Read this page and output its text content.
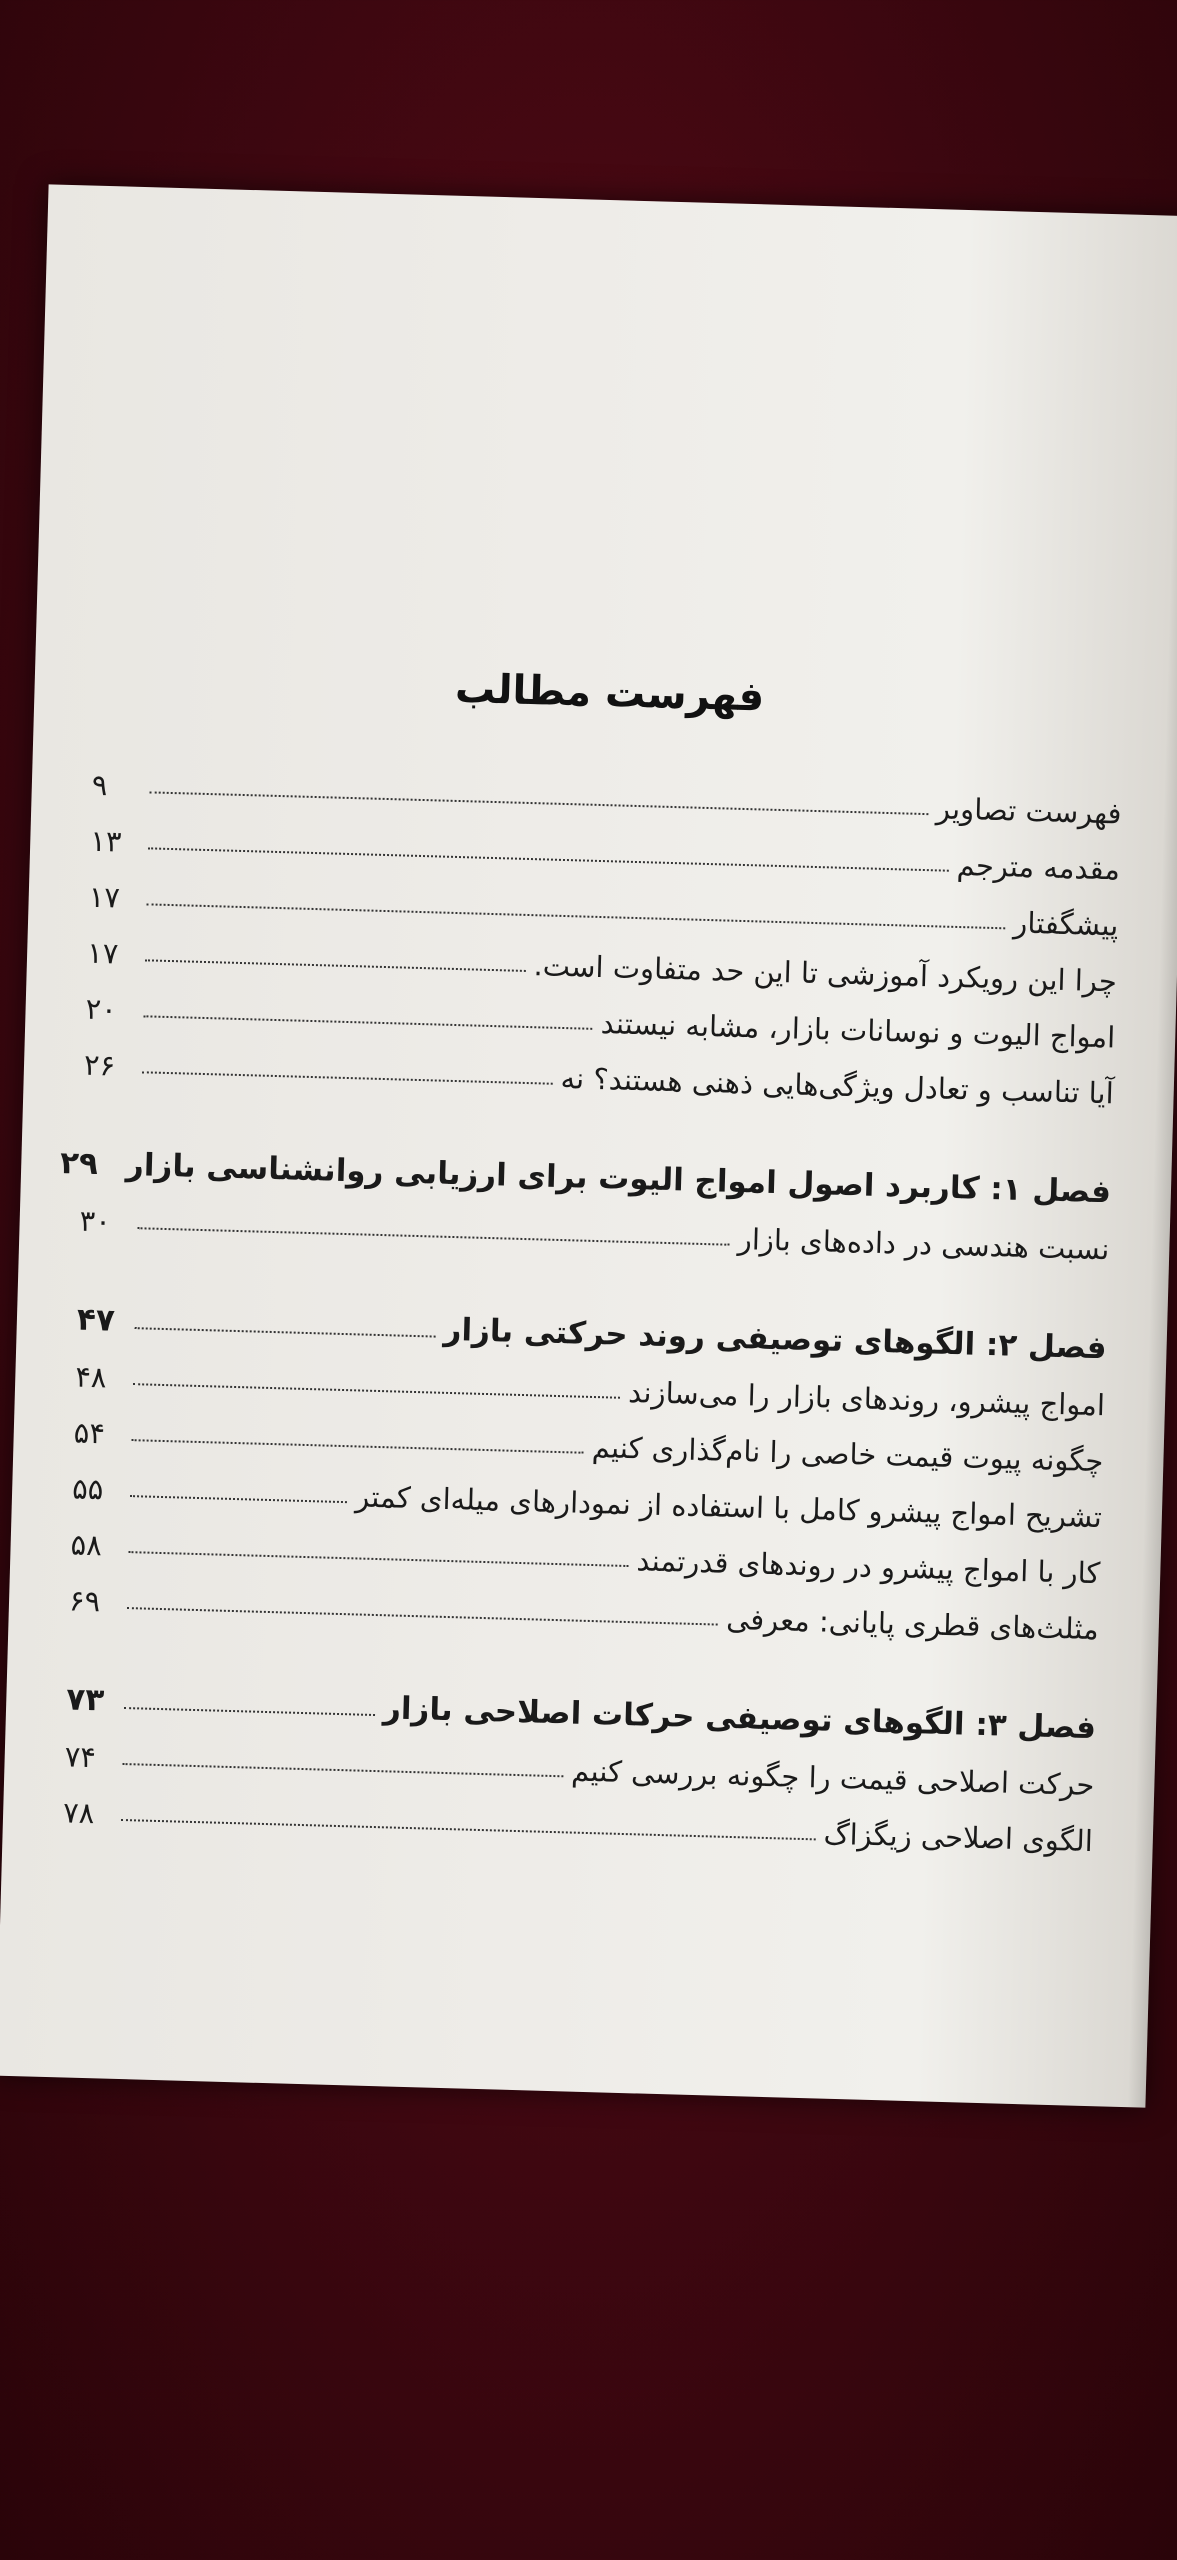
فهرست مطالب
فهرست تصاویر
۹
مقدمه مترجم
۱۳
پیشگفتار
۱۷
چرا این رویکرد آموزشی تا این حد متفاوت است.
۱۷
امواج الیوت و نوسانات بازار، مشابه نیستند
۲۰
آیا تناسب و تعادل ویژگی‌هایی ذهنی هستند؟ نه
۲۶
فصل ۱: کاربرد اصول امواج الیوت برای ارزیابی روانشناسی بازار
۲۹
نسبت هندسی در داده‌های بازار
۳۰
فصل ۲: الگوهای توصیفی روند حرکتی بازار
۴۷
امواج پیشرو، روندهای بازار را می‌سازند
۴۸
چگونه پیوت قیمت خاصی را نام‌گذاری کنیم
۵۴
تشریح امواج پیشرو کامل با استفاده از نمودارهای میله‌ای کمتر
۵۵
کار با امواج پیشرو در روندهای قدرتمند
۵۸
مثلث‌های قطری پایانی: معرفی
۶۹
فصل ۳: الگوهای توصیفی حرکات اصلاحی بازار
۷۳
حرکت اصلاحی قیمت را چگونه بررسی کنیم
۷۴
الگوی اصلاحی زیگزاگ
۷۸
